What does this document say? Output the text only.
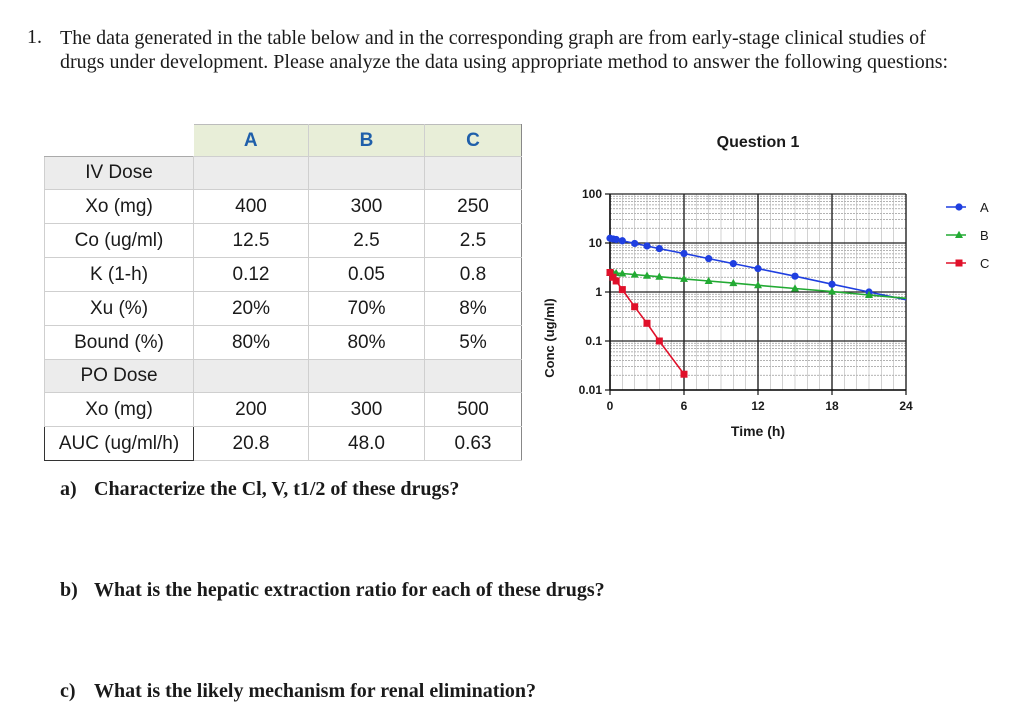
1. The data generated in the table below and in the corresponding graph are from early-stage clinical studies of drugs under development. Please analyze the data using appropriate method to answer the following questions:
	A	B	C
IV Dose			
Xo (mg)	400	300	250
Co (ug/ml)	12.5	2.5	2.5
K (1-h)	0.12	0.05	0.8
Xu (%)	20%	70%	8%
Bound (%)	80%	80%	5%
PO Dose			
Xo (mg)	200	300	500
AUC (ug/ml/h)	20.8	48.0	0.63
0.01
0.1
1
10
100
0	6	12	18	24
A
B
C
Question 1
Time (h)
Conc (ug/ml)
a) Characterize the Cl, V, t1/2 of these drugs?
b) What is the hepatic extraction ratio for each of these drugs?
c) What is the likely mechanism for renal elimination?
